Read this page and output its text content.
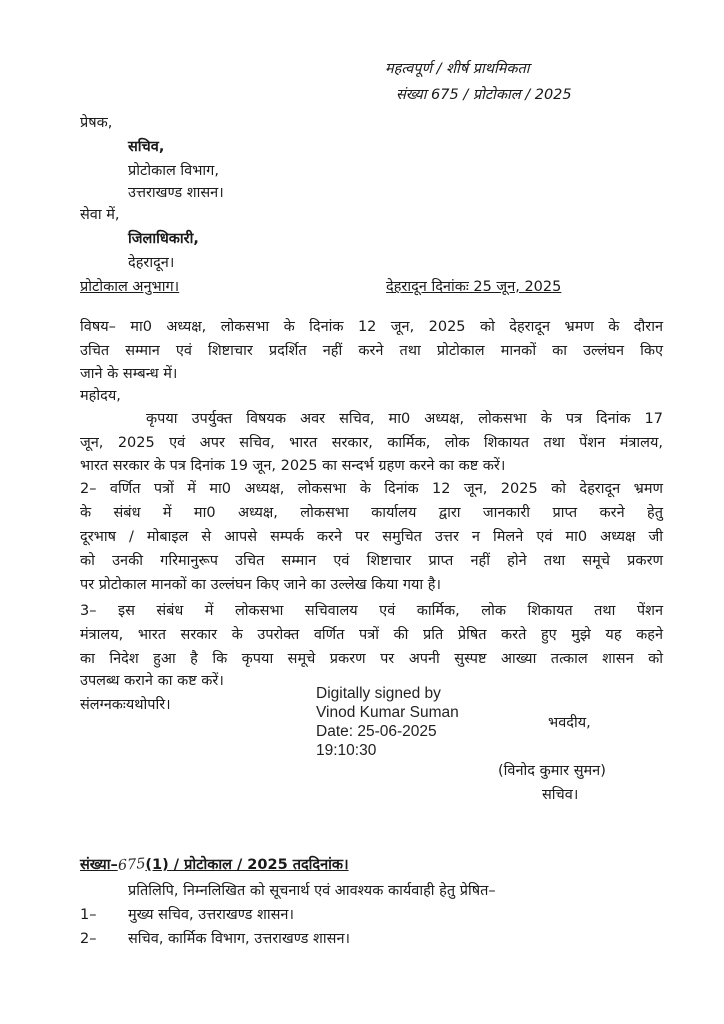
महत्वपूर्ण / शीर्ष प्राथमिकता
संख्या 675 / प्रोटोकाल / 2025
प्रेषक,
सचिव,
प्रोटोकाल विभाग,
उत्तराखण्ड शासन।
सेवा में,
जिलाधिकारी,
देहरादून।
प्रोटोकाल अनुभाग।	देहरादून दिनांकः 25 जून, 2025
विषय– मा0 अध्यक्ष, लोकसभा के दिनांक 12 जून, 2025 को देहरादून भ्रमण के दौरान
उचित सम्मान एवं शिष्टाचार प्रदर्शित नहीं करने तथा प्रोटोकाल मानकों का उल्लंघन किए
जाने के सम्बन्ध में।
महोदय,
कृपया उपर्युक्त विषयक अवर सचिव, मा0 अध्यक्ष, लोकसभा के पत्र दिनांक 17
जून, 2025 एवं अपर सचिव, भारत सरकार, कार्मिक, लोक शिकायत तथा पेंशन मंत्रालय,
भारत सरकार के पत्र दिनांक 19 जून, 2025 का सन्दर्भ ग्रहण करने का कष्ट करें।
2– वर्णित पत्रों में मा0 अध्यक्ष, लोकसभा के दिनांक 12 जून, 2025 को देहरादून भ्रमण
के संबंध में मा0 अध्यक्ष, लोकसभा कार्यालय द्वारा जानकारी प्राप्त करने हेतु
दूरभाष / मोबाइल से आपसे सम्पर्क करने पर समुचित उत्तर न मिलने एवं मा0 अध्यक्ष जी
को उनकी गरिमानुरूप उचित सम्मान एवं शिष्टाचार प्राप्त नहीं होने तथा समूचे प्रकरण
पर प्रोटोकाल मानकों का उल्लंघन किए जाने का उल्लेख किया गया है।
3– इस संबंध में लोकसभा सचिवालय एवं कार्मिक, लोक शिकायत तथा पेंशन
मंत्रालय, भारत सरकार के उपरोक्त वर्णित पत्रों की प्रति प्रेषित करते हुए मुझे यह कहने
का निदेश हुआ है कि कृपया समूचे प्रकरण पर अपनी सुस्पष्ट आख्या तत्काल शासन को
उपलब्ध कराने का कष्ट करें।
संलग्नकःयथोपरि।
Digitally signed by
Vinod Kumar Suman
Date: 25-06-2025
19:10:30
भवदीय,
(विनोद कुमार सुमन)
सचिव।
संख्या–675(1) / प्रोटोकाल / 2025 तददिनांक।
प्रतिलिपि, निम्नलिखित को सूचनार्थ एवं आवश्यक कार्यवाही हेतु प्रेषित–
1– मुख्य सचिव, उत्तराखण्ड शासन।
2– सचिव, कार्मिक विभाग, उत्तराखण्ड शासन।
